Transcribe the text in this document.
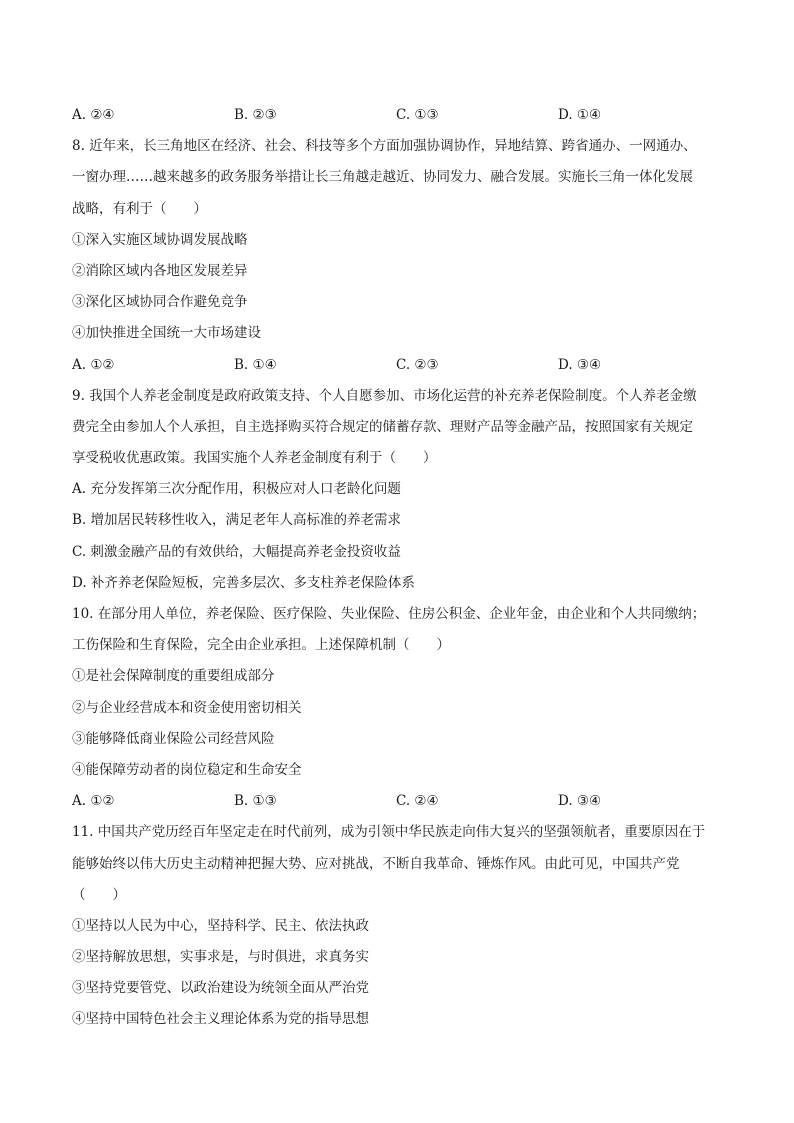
A. ②④	B. ②③	C. ①③	D. ①④
8. 近年来，长三角地区在经济、社会、科技等多个方面加强协调协作，异地结算、跨省通办、一网通办、
一窗办理……越来越多的政务服务举措让长三角越走越近、协同发力、融合发展。实施长三角一体化发展
战略，有利于（　　）
①深入实施区域协调发展战略
②消除区域内各地区发展差异
③深化区域协同合作避免竞争
④加快推进全国统一大市场建设
A. ①②	B. ①④	C. ②③	D. ③④
9. 我国个人养老金制度是政府政策支持、个人自愿参加、市场化运营的补充养老保险制度。个人养老金缴
费完全由参加人个人承担，自主选择购买符合规定的储蓄存款、理财产品等金融产品，按照国家有关规定
享受税收优惠政策。我国实施个人养老金制度有利于（　　）
A. 充分发挥第三次分配作用，积极应对人口老龄化问题
B. 增加居民转移性收入，满足老年人高标准的养老需求
C. 刺激金融产品的有效供给，大幅提高养老金投资收益
D. 补齐养老保险短板，完善多层次、多支柱养老保险体系
10. 在部分用人单位，养老保险、医疗保险、失业保险、住房公积金、企业年金，由企业和个人共同缴纳；
工伤保险和生育保险，完全由企业承担。上述保障机制（　　）
①是社会保障制度的重要组成部分
②与企业经营成本和资金使用密切相关
③能够降低商业保险公司经营风险
④能保障劳动者的岗位稳定和生命安全
A. ①②	B. ①③	C. ②④	D. ③④
11. 中国共产党历经百年坚定走在时代前列，成为引领中华民族走向伟大复兴的坚强领航者，重要原因在于
能够始终以伟大历史主动精神把握大势、应对挑战，不断自我革命、锤炼作风。由此可见，中国共产党
（　　）
①坚持以人民为中心，坚持科学、民主、依法执政
②坚持解放思想，实事求是，与时俱进，求真务实
③坚持党要管党、以政治建设为统领全面从严治党
④坚持中国特色社会主义理论体系为党的指导思想
